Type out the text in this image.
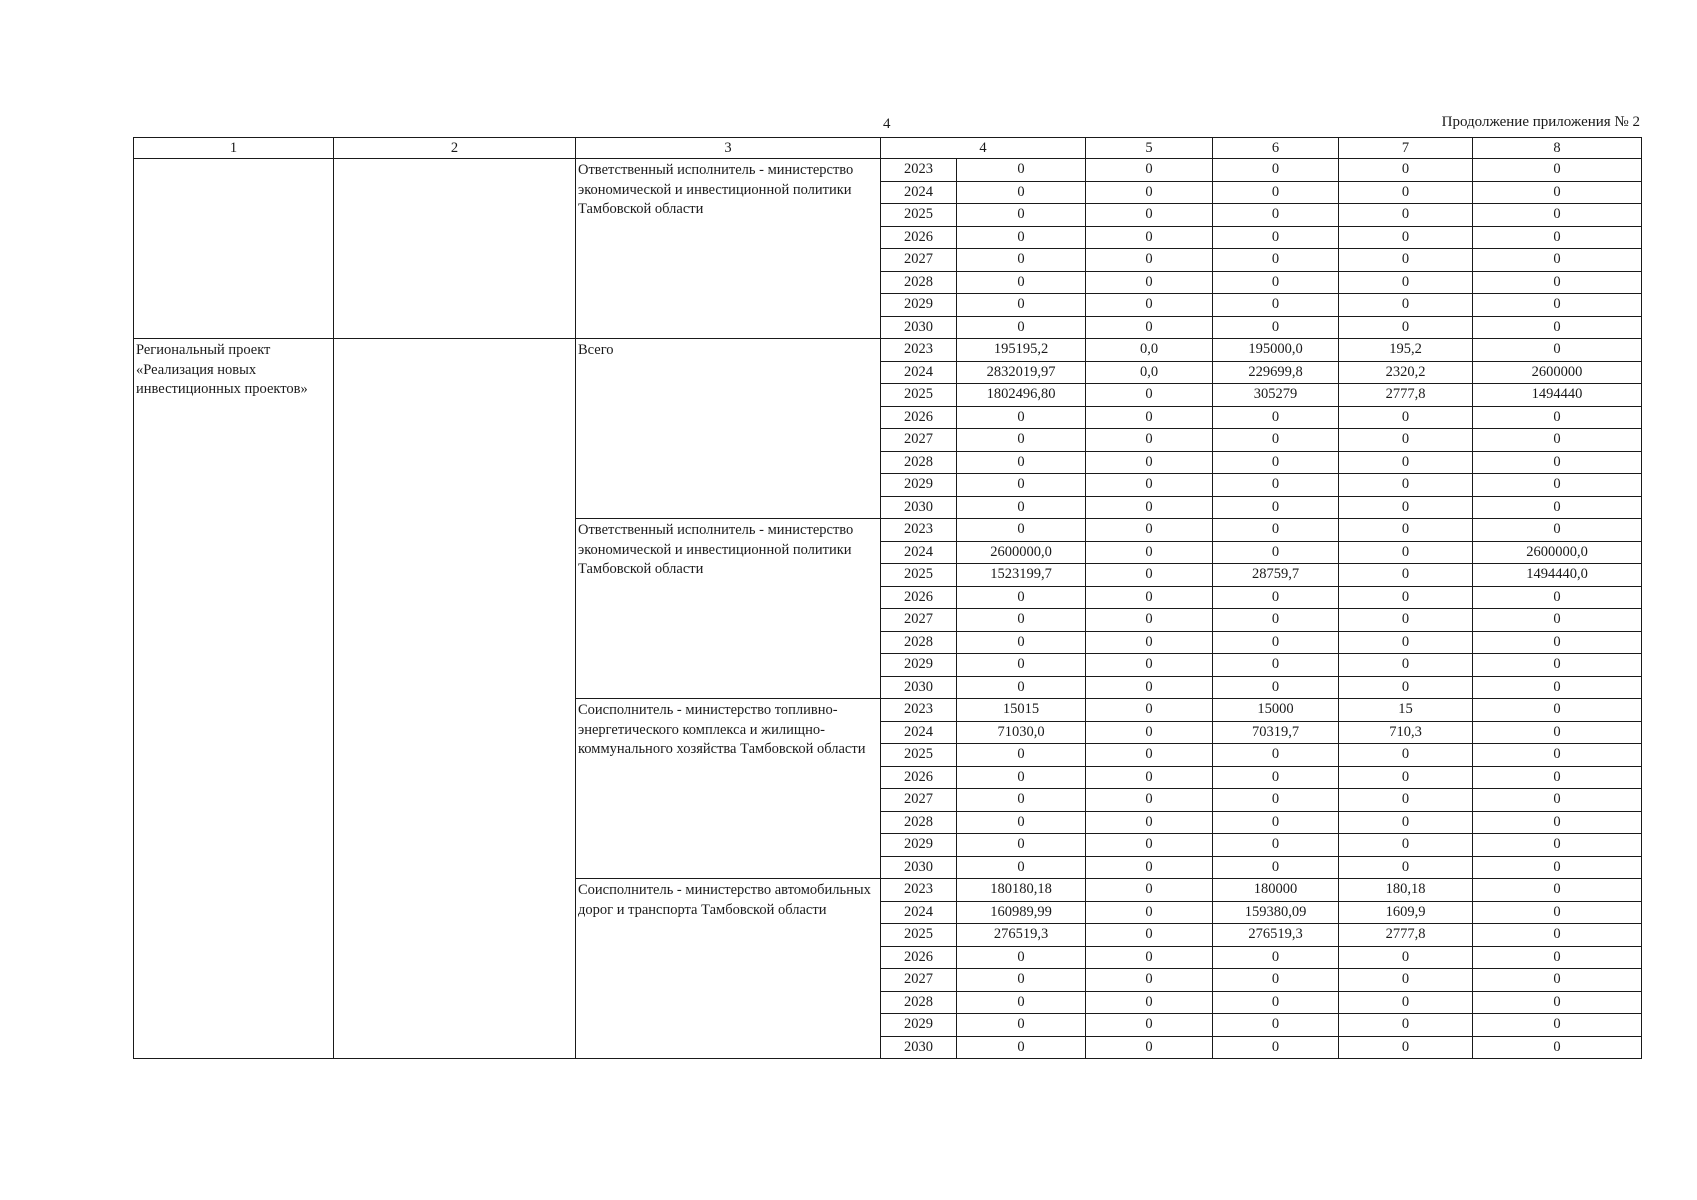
4	Продолжение приложения № 2
1	2	3	4		5	6	7	8
		Ответственный исполнитель - министерство экономической и инвестиционной политики Тамбовской области	2023	0	0	0	0	0
			2024	0	0	0	0	0
			2025	0	0	0	0	0
			2026	0	0	0	0	0
			2027	0	0	0	0	0
			2028	0	0	0	0	0
			2029	0	0	0	0	0
			2030	0	0	0	0	0
Региональный проект «Реализация новых инвестиционных проектов»		Всего	2023	195195,2	0,0	195000,0	195,2	0
			2024	2832019,97	0,0	229699,8	2320,2	2600000
			2025	1802496,80	0	305279	2777,8	1494440
			2026	0	0	0	0	0
			2027	0	0	0	0	0
			2028	0	0	0	0	0
			2029	0	0	0	0	0
			2030	0	0	0	0	0
		Ответственный исполнитель - министерство экономической и инвестиционной политики Тамбовской области	2023	0	0	0	0	0
			2024	2600000,0	0	0	0	2600000,0
			2025	1523199,7	0	28759,7	0	1494440,0
			2026	0	0	0	0	0
			2027	0	0	0	0	0
			2028	0	0	0	0	0
			2029	0	0	0	0	0
			2030	0	0	0	0	0
		Соисполнитель - министерство топливно-энергетического комплекса и жилищно-коммунального хозяйства Тамбовской области	2023	15015	0	15000	15	0
			2024	71030,0	0	70319,7	710,3	0
			2025	0	0	0	0	0
			2026	0	0	0	0	0
			2027	0	0	0	0	0
			2028	0	0	0	0	0
			2029	0	0	0	0	0
			2030	0	0	0	0	0
		Соисполнитель - министерство автомобильных дорог и транспорта Тамбовской области	2023	180180,18	0	180000	180,18	0
			2024	160989,99	0	159380,09	1609,9	0
			2025	276519,3	0	276519,3	2777,8	0
			2026	0	0	0	0	0
			2027	0	0	0	0	0
			2028	0	0	0	0	0
			2029	0	0	0	0	0
			2030	0	0	0	0	0
